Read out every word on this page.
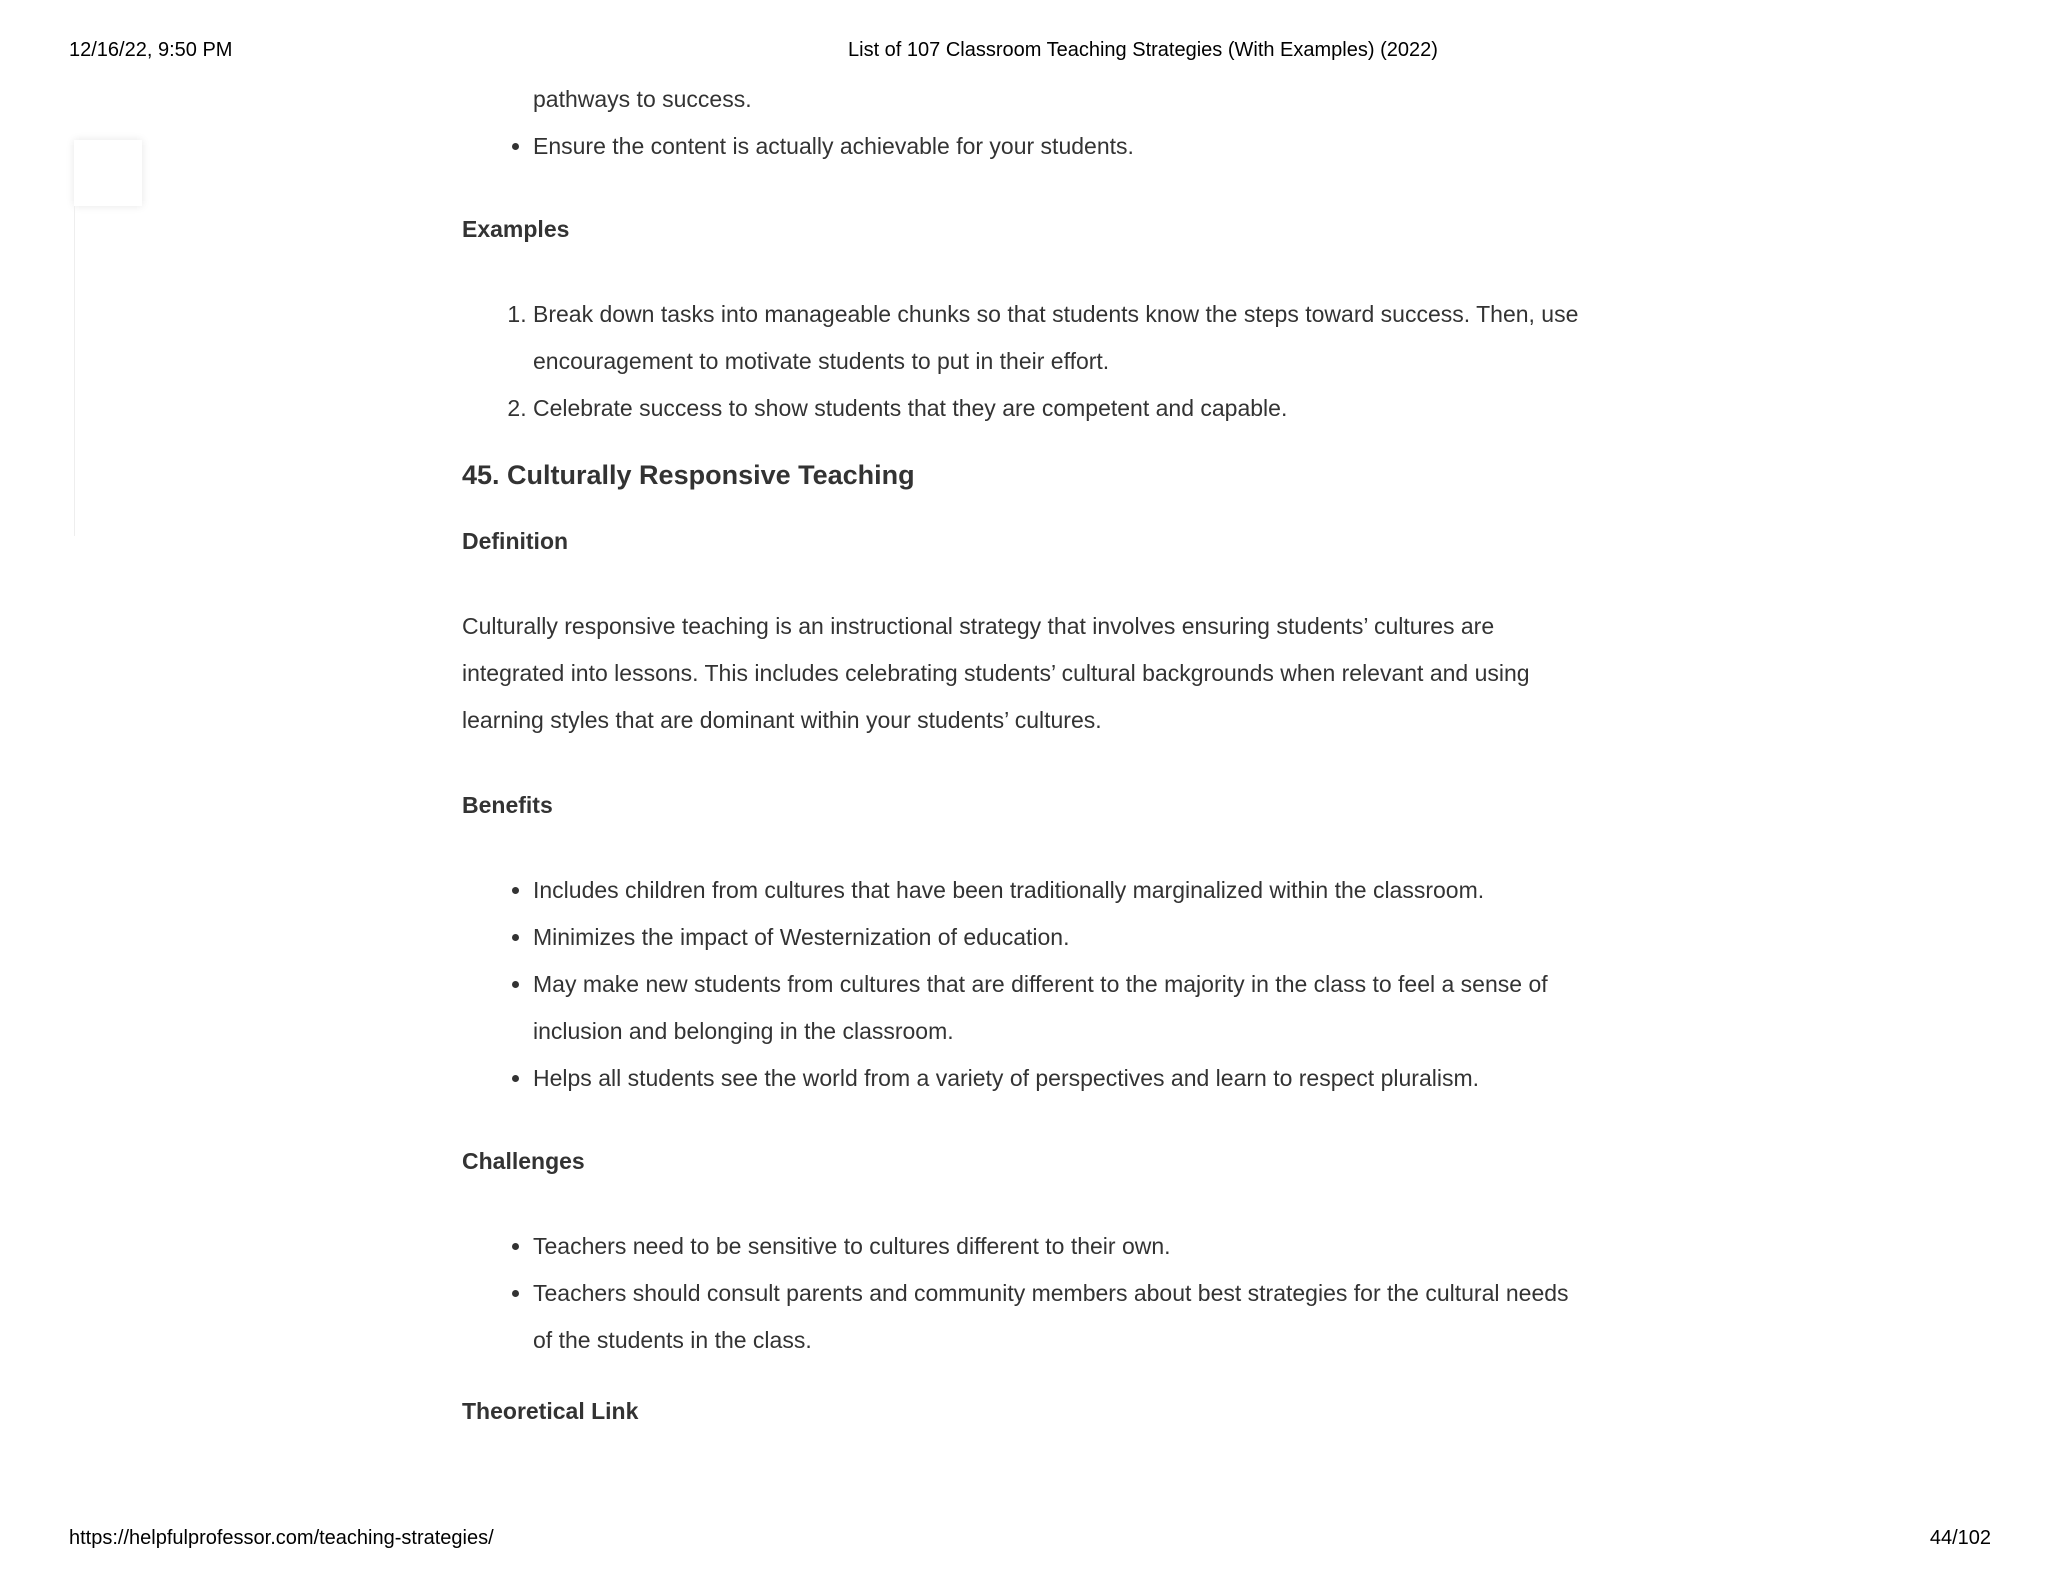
12/16/22, 9:50 PM	List of 107 Classroom Teaching Strategies (With Examples) (2022)
pathways to success.
• Ensure the content is actually achievable for your students.
Examples
1. Break down tasks into manageable chunks so that students know the steps toward success. Then, use encouragement to motivate students to put in their effort.
2. Celebrate success to show students that they are competent and capable.
45. Culturally Responsive Teaching
Definition

Culturally responsive teaching is an instructional strategy that involves ensuring students’ cultures are integrated into lessons. This includes celebrating students’ cultural backgrounds when relevant and using learning styles that are dominant within your students’ cultures.

Benefits
• Includes children from cultures that have been traditionally marginalized within the classroom.
• Minimizes the impact of Westernization of education.
• May make new students from cultures that are different to the majority in the class to feel a sense of inclusion and belonging in the classroom.
• Helps all students see the world from a variety of perspectives and learn to respect pluralism.
Challenges
• Teachers need to be sensitive to cultures different to their own.
• Teachers should consult parents and community members about best strategies for the cultural needs of the students in the class.
Theoretical Link
https://helpfulprofessor.com/teaching-strategies/	44/102
